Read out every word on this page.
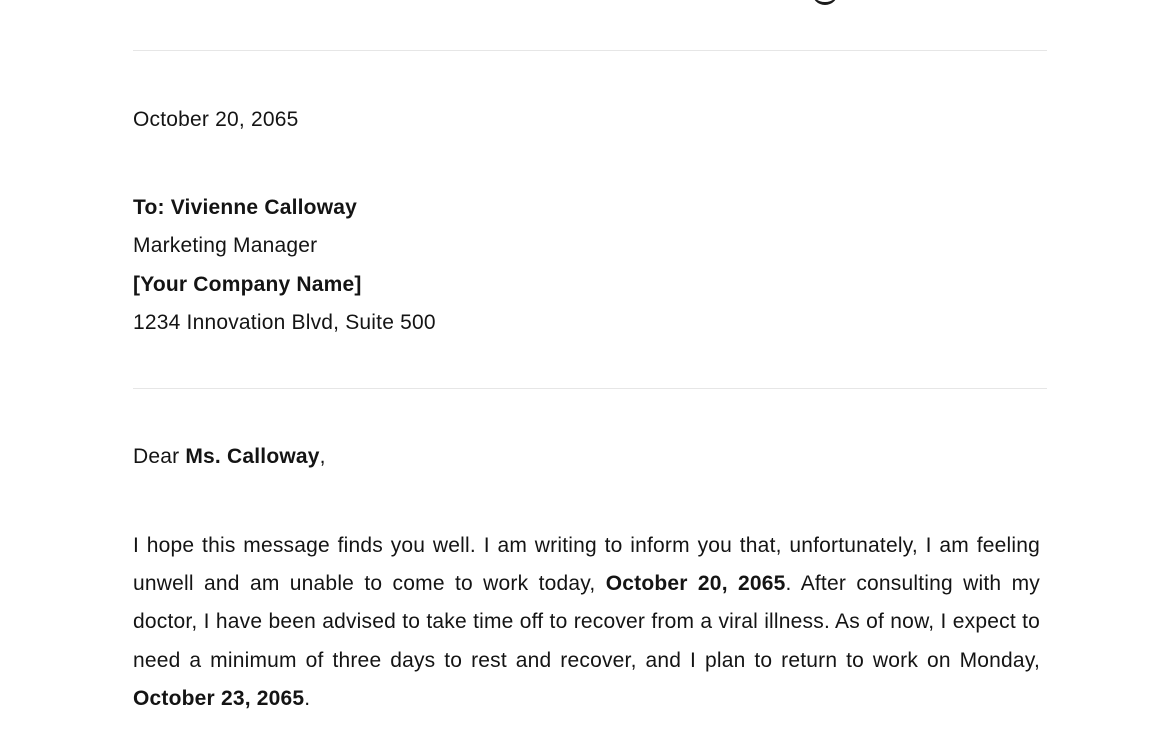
October 20, 2065
To: Vivienne Calloway
Marketing Manager
[Your Company Name]
1234 Innovation Blvd, Suite 500
Dear Ms. Calloway,
I hope this message finds you well. I am writing to inform you that, unfortunately, I am feeling unwell and am unable to come to work today, October 20, 2065. After consulting with my doctor, I have been advised to take time off to recover from a viral illness. As of now, I expect to need a minimum of three days to rest and recover, and I plan to return to work on Monday, October 23, 2065.
